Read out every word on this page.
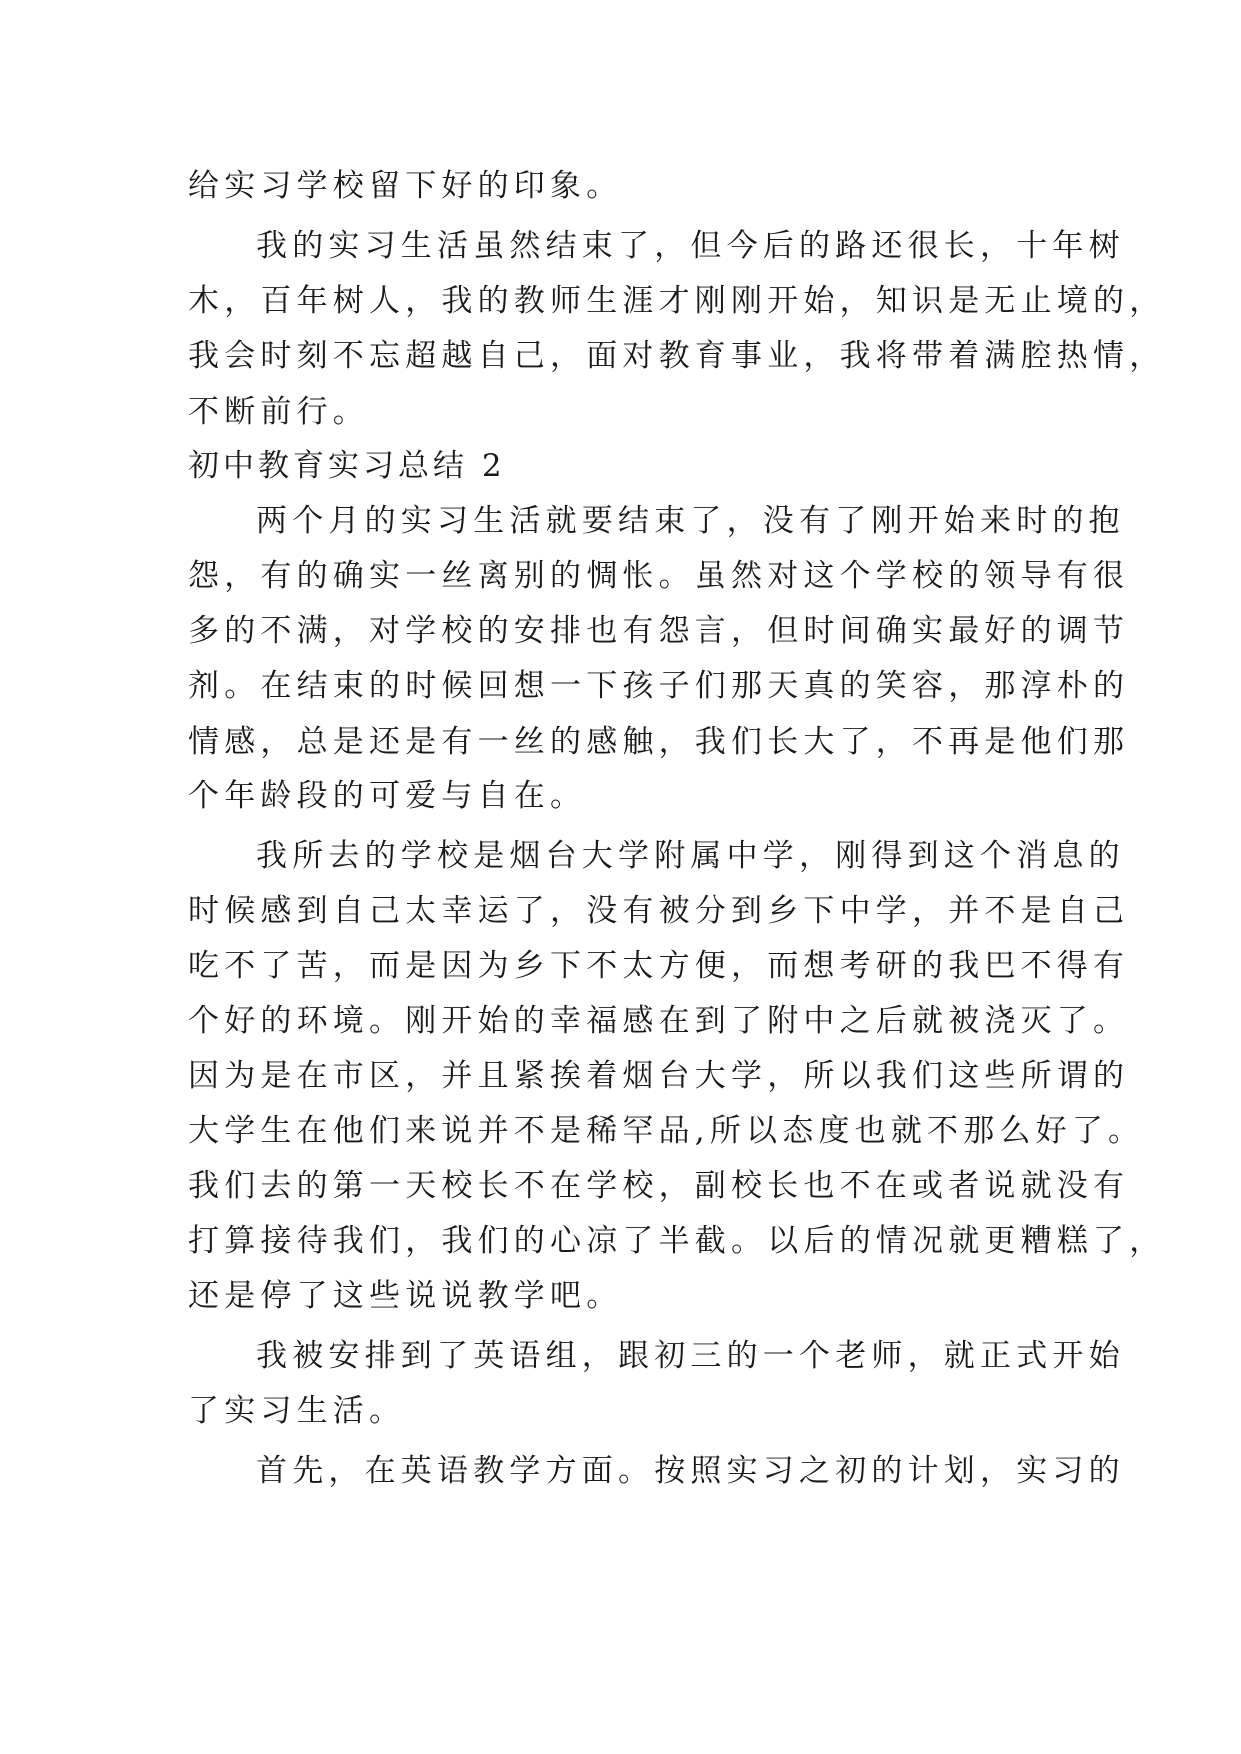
给实习学校留下好的印象。

我的实习生活虽然结束了，但今后的路还很长，十年树

木，百年树人，我的教师生涯才刚刚开始，知识是无止境的，

我会时刻不忘超越自己，面对教育事业，我将带着满腔热情，

不断前行。

初中教育实习总结 2

两个月的实习生活就要结束了，没有了刚开始来时的抱

怨，有的确实一丝离别的惆怅。虽然对这个学校的领导有很

多的不满，对学校的安排也有怨言，但时间确实最好的调节

剂。在结束的时候回想一下孩子们那天真的笑容，那淳朴的

情感，总是还是有一丝的感触，我们长大了，不再是他们那

个年龄段的可爱与自在。

我所去的学校是烟台大学附属中学，刚得到这个消息的

时候感到自己太幸运了，没有被分到乡下中学，并不是自己

吃不了苦，而是因为乡下不太方便，而想考研的我巴不得有

个好的环境。刚开始的幸福感在到了附中之后就被浇灭了。

因为是在市区，并且紧挨着烟台大学，所以我们这些所谓的

大学生在他们来说并不是稀罕品,所以态度也就不那么好了。

我们去的第一天校长不在学校，副校长也不在或者说就没有

打算接待我们，我们的心凉了半截。以后的情况就更糟糕了，

还是停了这些说说教学吧。

我被安排到了英语组，跟初三的一个老师，就正式开始

了实习生活。

首先，在英语教学方面。按照实习之初的计划，实习的
